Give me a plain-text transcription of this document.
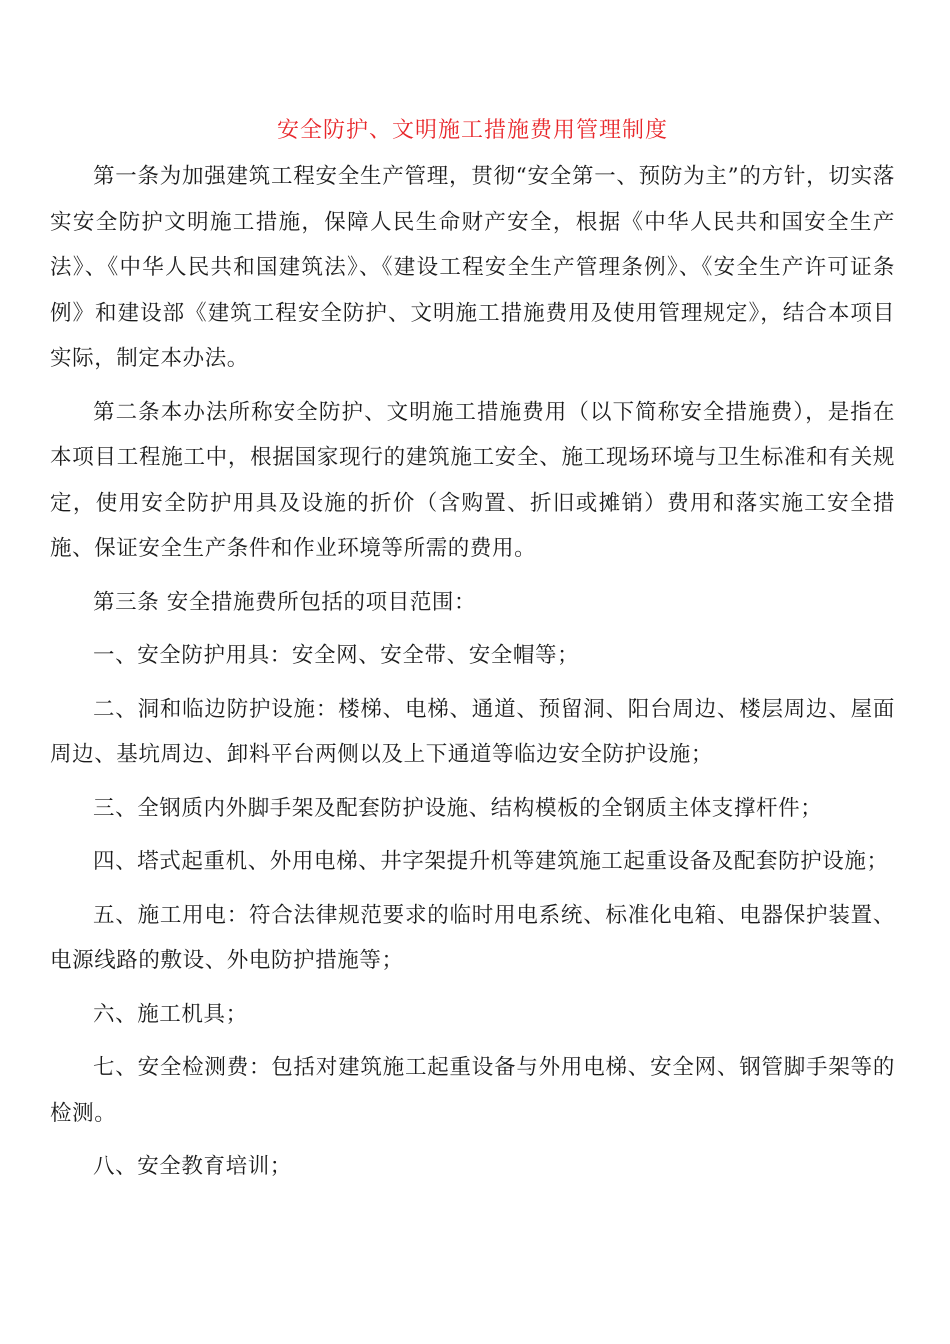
安全防护、文明施工措施费用管理制度

第一条为加强建筑工程安全生产管理，贯彻“安全第一、预防为主”的方针，切实落实安全防护文明施工措施，保障人民生命财产安全，根据《中华人民共和国安全生产法》、《中华人民共和国建筑法》、《建设工程安全生产管理条例》、《安全生产许可证条例》和建设部《建筑工程安全防护、文明施工措施费用及使用管理规定》，结合本项目实际，制定本办法。

第二条本办法所称安全防护、文明施工措施费用（以下简称安全措施费），是指在本项目工程施工中，根据国家现行的建筑施工安全、施工现场环境与卫生标准和有关规定，使用安全防护用具及设施的折价（含购置、折旧或摊销）费用和落实施工安全措施、保证安全生产条件和作业环境等所需的费用。

第三条 安全措施费所包括的项目范围：

一、安全防护用具：安全网、安全带、安全帽等；

二、洞和临边防护设施：楼梯、电梯、通道、预留洞、阳台周边、楼层周边、屋面周边、基坑周边、卸料平台两侧以及上下通道等临边安全防护设施；

三、全钢质内外脚手架及配套防护设施、结构模板的全钢质主体支撑杆件；

四、塔式起重机、外用电梯、井字架提升机等建筑施工起重设备及配套防护设施；

五、施工用电：符合法律规范要求的临时用电系统、标准化电箱、电器保护装置、电源线路的敷设、外电防护措施等；

六、施工机具；

七、安全检测费：包括对建筑施工起重设备与外用电梯、安全网、钢管脚手架等的检测。

八、安全教育培训；
